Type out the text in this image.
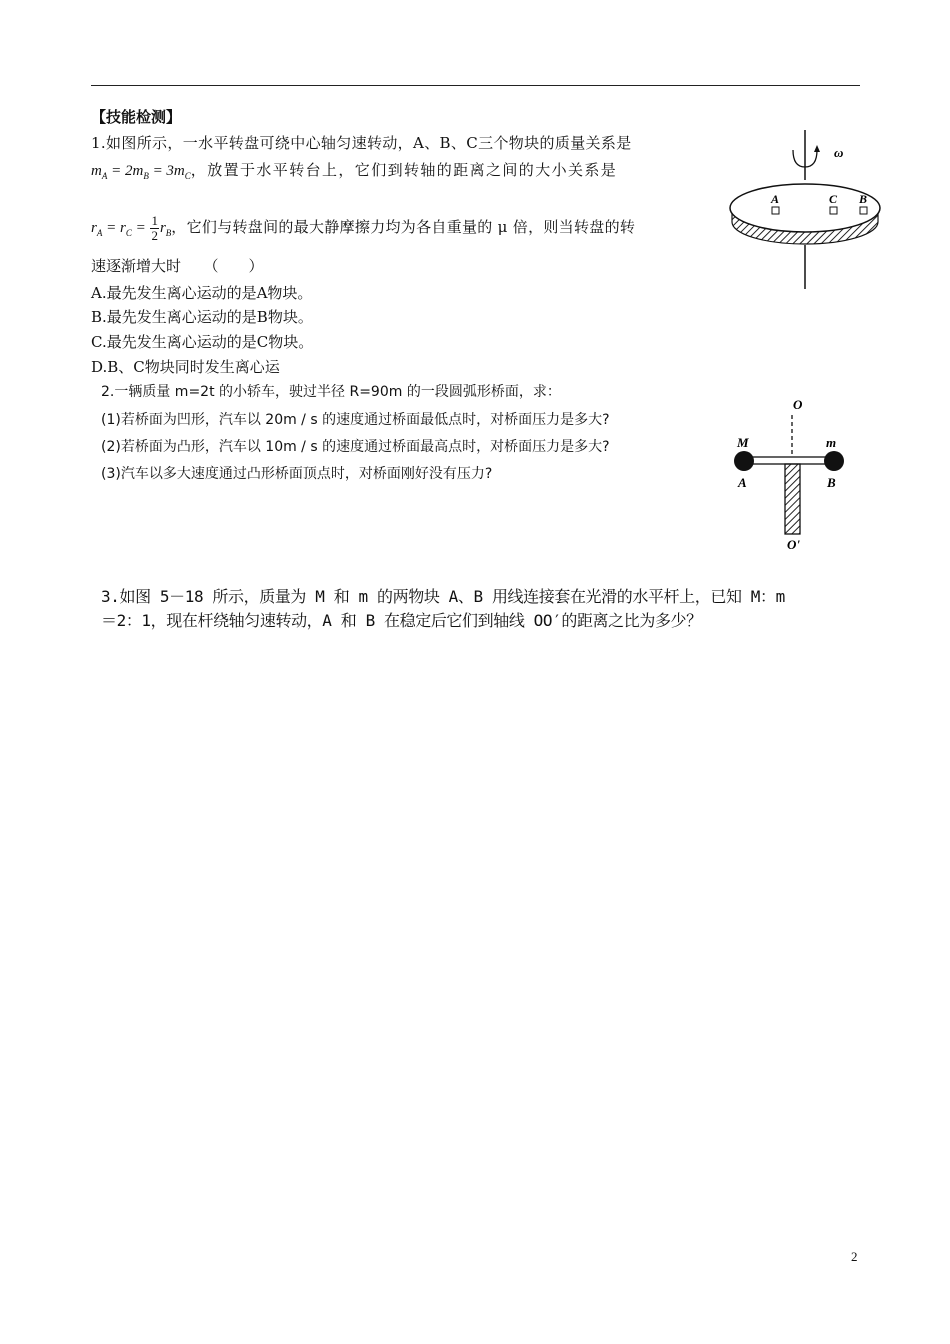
【技能检测】
1.如图所示，一水平转盘可绕中心轴匀速转动，A、B、C三个物块的质量关系是
$m_A = 2m_B = 3m_C$，放置于水平转台上，它们到转轴的距离之间的大小关系是
$r_A = r_C = \frac{1}{2} r_B$，它们与转盘间的最大静摩擦力均为各自重量的 μ 倍，则当转盘的转
速逐渐增大时　　（　　）
A.最先发生离心运动的是A物块。
B.最先发生离心运动的是B物块。
C.最先发生离心运动的是C物块。
D.B、C物块同时发生离心运
ω
A	C B
2.一辆质量 m=2t 的小轿车，驶过半径 R=90m 的一段圆弧形桥面，求：
(1)若桥面为凹形，汽车以 20m / s 的速度通过桥面最低点时，对桥面压力是多大?
(2)若桥面为凸形，汽车以 10m / s 的速度通过桥面最高点时，对桥面压力是多大?
(3)汽车以多大速度通过凸形桥面顶点时，对桥面刚好没有压力?
O
M	m
A	B
O'
3.如图 5－18 所示，质量为 M 和 m 的两物块 A、B 用线连接套在光滑的水平杆上，已知 M：m
＝2：1，现在杆绕轴匀速转动，A 和 B 在稳定后它们到轴线 OO′的距离之比为多少？
2
